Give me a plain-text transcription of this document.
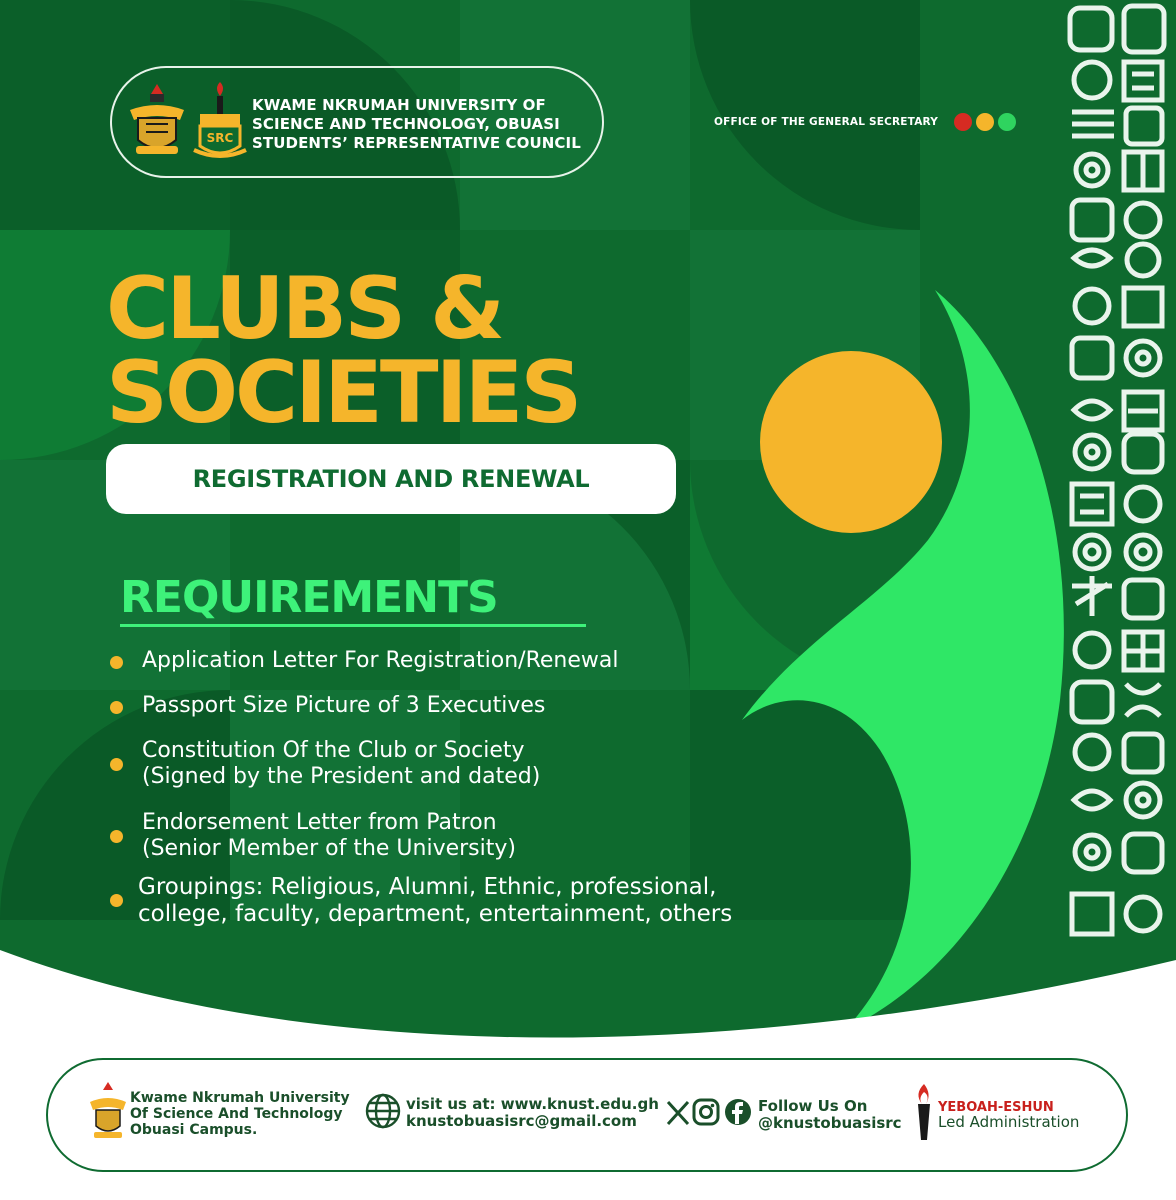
SRC
KWAME NKRUMAH UNIVERSITY OF
SCIENCE AND TECHNOLOGY, OBUASI
STUDENTS’ REPRESENTATIVE COUNCIL
OFFICE OF THE GENERAL SECRETARY
CLUBS &
SOCIETIES
REGISTRATION AND RENEWAL
REQUIREMENTS
Application Letter For Registration/Renewal
Passport Size Picture of 3 Executives
Constitution Of the Club or Society
(Signed by the President and dated)
Endorsement Letter from Patron
(Senior Member of the University)
Groupings: Religious, Alumni, Ethnic, professional,
college, faculty, department, entertainment, others
Kwame Nkrumah University
Of Science And Technology
Obuasi Campus.
visit us at: www.knust.edu.gh
knustobuasisrc@gmail.com
Follow Us On
@knustobuasisrc
YEBOAH-ESHUN
Led Administration
